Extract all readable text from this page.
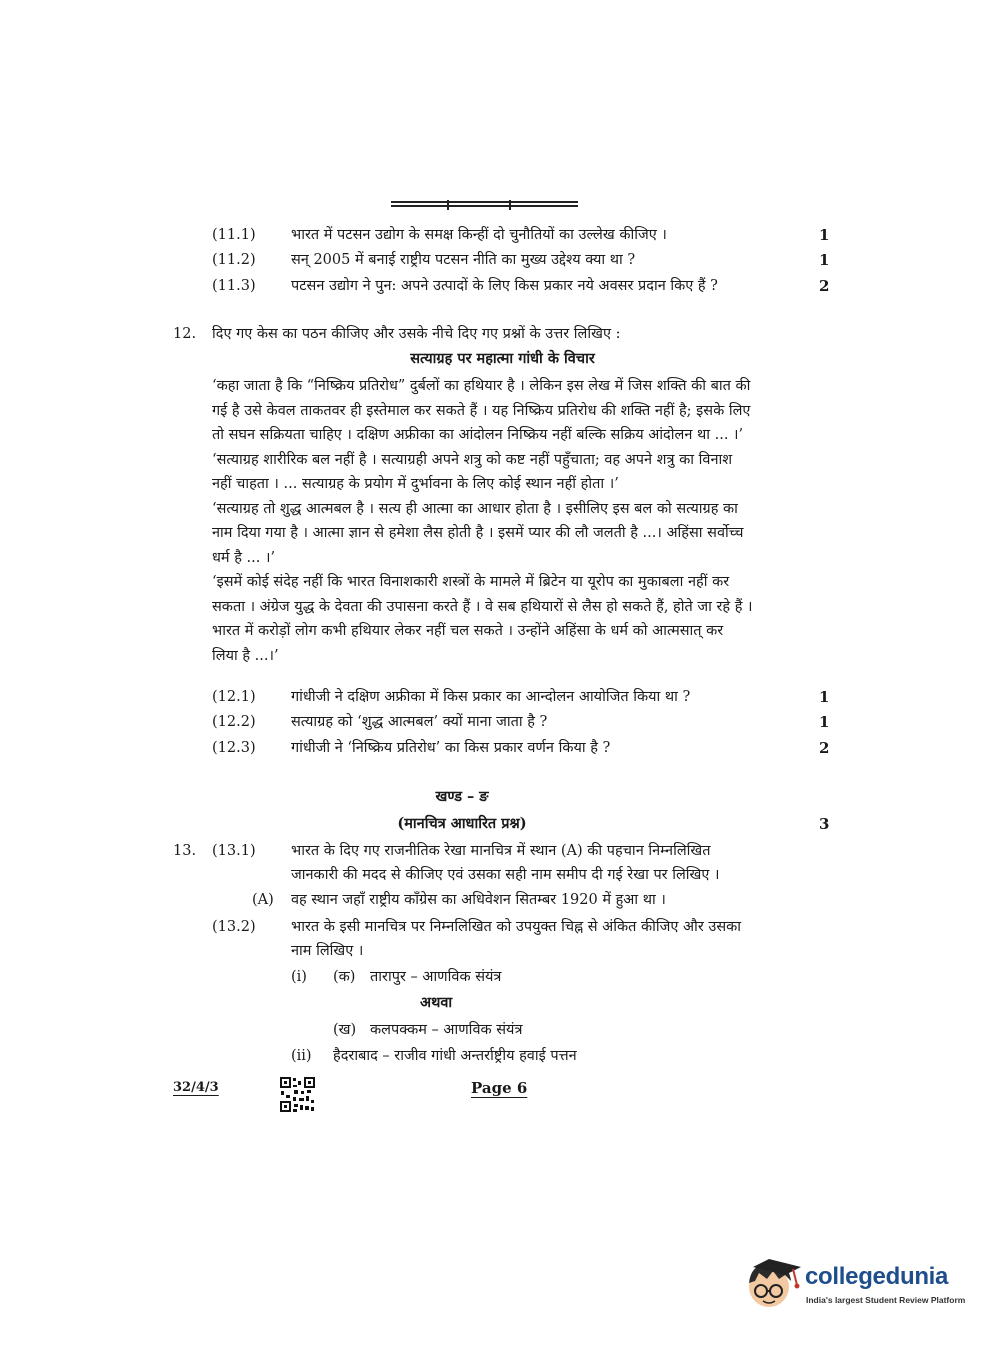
(11.1) भारत में पटसन उद्योग के समक्ष किन्हीं दो चुनौतियों का उल्लेख कीजिए ।	1
(11.2) सन् 2005 में बनाई राष्ट्रीय पटसन नीति का मुख्य उद्देश्य क्या था ?	1
(11.3) पटसन उद्योग ने पुन: अपने उत्पादों के लिए किस प्रकार नये अवसर प्रदान किए हैं ?	2
12. दिए गए केस का पठन कीजिए और उसके नीचे दिए गए प्रश्नों के उत्तर लिखिए :
सत्याग्रह पर महात्मा गांधी के विचार
‘कहा जाता है कि “निष्क्रिय प्रतिरोध” दुर्बलों का हथियार है । लेकिन इस लेख में जिस शक्ति की बात की
गई है उसे केवल ताकतवर ही इस्तेमाल कर सकते हैं । यह निष्क्रिय प्रतिरोध की शक्ति नहीं है; इसके लिए
तो सघन सक्रियता चाहिए । दक्षिण अफ्रीका का आंदोलन निष्क्रिय नहीं बल्कि सक्रिय आंदोलन था ... ।’
‘सत्याग्रह शारीरिक बल नहीं है । सत्याग्रही अपने शत्रु को कष्ट नहीं पहुँचाता; वह अपने शत्रु का विनाश
नहीं चाहता । ... सत्याग्रह के प्रयोग में दुर्भावना के लिए कोई स्थान नहीं होता ।’
‘सत्याग्रह तो शुद्ध आत्मबल है । सत्य ही आत्मा का आधार होता है । इसीलिए इस बल को सत्याग्रह का
नाम दिया गया है । आत्मा ज्ञान से हमेशा लैस होती है । इसमें प्यार की लौ जलती है ...। अहिंसा सर्वोच्च
धर्म है ... ।’
‘इसमें कोई संदेह नहीं कि भारत विनाशकारी शस्त्रों के मामले में ब्रिटेन या यूरोप का मुकाबला नहीं कर
सकता । अंग्रेज युद्ध के देवता की उपासना करते हैं । वे सब हथियारों से लैस हो सकते हैं, होते जा रहे हैं ।
भारत में करोड़ों लोग कभी हथियार लेकर नहीं चल सकते । उन्होंने अहिंसा के धर्म को आत्मसात् कर
लिया है ...।’
(12.1) गांधीजी ने दक्षिण अफ्रीका में किस प्रकार का आन्दोलन आयोजित किया था ?	1
(12.2) सत्याग्रह को ‘शुद्ध आत्मबल’ क्यों माना जाता है ?	1
(12.3) गांधीजी ने ‘निष्क्रिय प्रतिरोध’ का किस प्रकार वर्णन किया है ?	2
खण्ड – ङ
(मानचित्र आधारित प्रश्न)	3
13. (13.1) भारत के दिए गए राजनीतिक रेखा मानचित्र में स्थान (A) की पहचान निम्नलिखित
जानकारी की मदद से कीजिए एवं उसका सही नाम समीप दी गई रेखा पर लिखिए ।
(A) वह स्थान जहाँ राष्ट्रीय काँग्रेस का अधिवेशन सितम्बर 1920 में हुआ था ।
(13.2) भारत के इसी मानचित्र पर निम्नलिखित को उपयुक्त चिह्न से अंकित कीजिए और उसका
नाम लिखिए ।
(i) (क) तारापुर – आणविक संयंत्र
अथवा
(ख) कलपक्कम – आणविक संयंत्र
(ii) हैदराबाद – राजीव गांधी अन्तर्राष्ट्रीय हवाई पत्तन
32/4/3	Page 6
collegedunia
India's largest Student Review Platform
